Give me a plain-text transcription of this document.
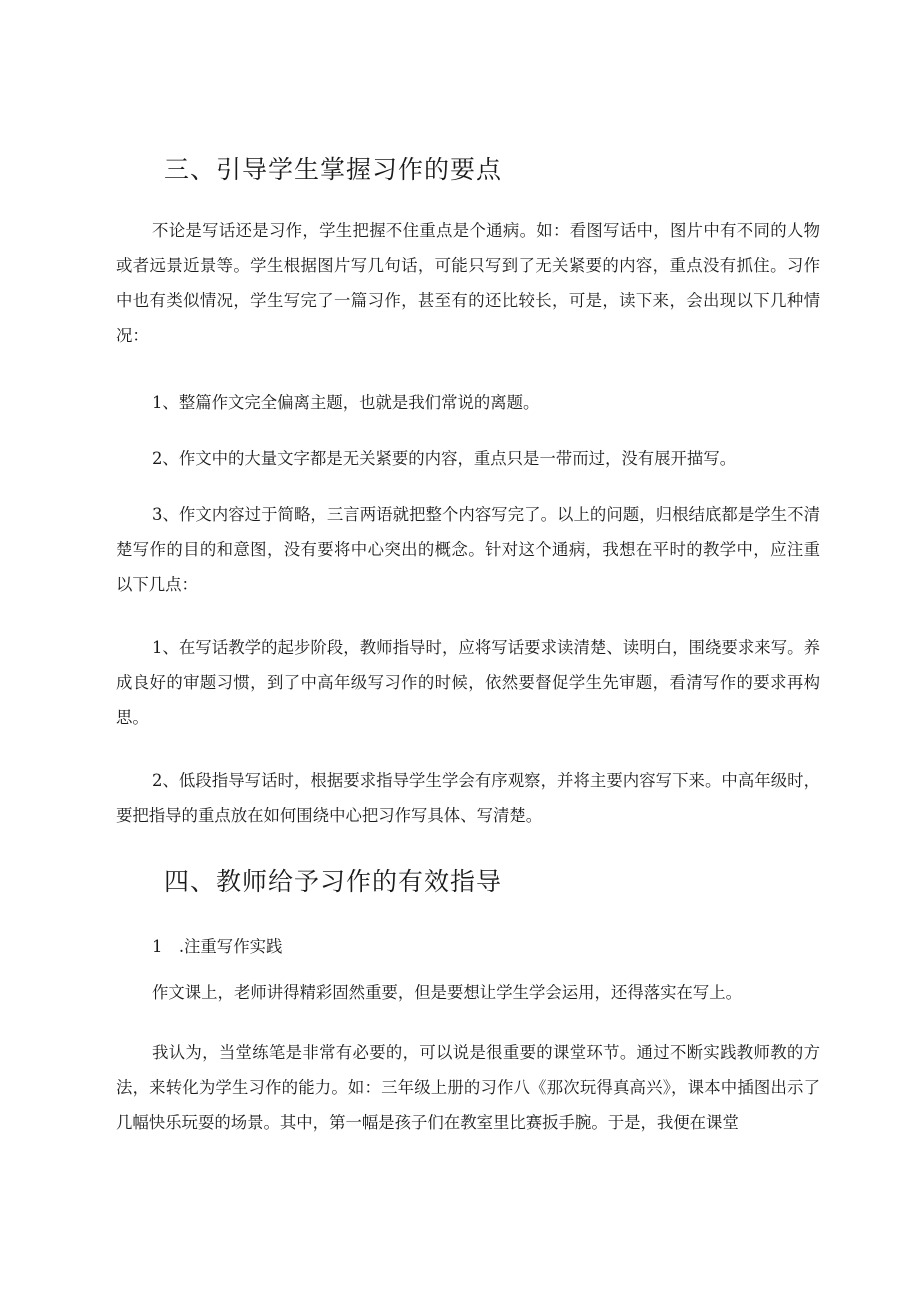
三、引导学生掌握习作的要点

不论是写话还是习作，学生把握不住重点是个通病。如：看图写话中，图片中有不同的人物或者远景近景等。学生根据图片写几句话，可能只写到了无关紧要的内容，重点没有抓住。习作中也有类似情况，学生写完了一篇习作，甚至有的还比较长，可是，读下来，会出现以下几种情况：

1、整篇作文完全偏离主题，也就是我们常说的离题。

2、作文中的大量文字都是无关紧要的内容，重点只是一带而过，没有展开描写。

3、作文内容过于简略，三言两语就把整个内容写完了。以上的问题，归根结底都是学生不清楚写作的目的和意图，没有要将中心突出的概念。针对这个通病，我想在平时的教学中，应注重以下几点：

1、在写话教学的起步阶段，教师指导时，应将写话要求读清楚、读明白，围绕要求来写。养成良好的审题习惯，到了中高年级写习作的时候，依然要督促学生先审题，看清写作的要求再构思。

2、低段指导写话时，根据要求指导学生学会有序观察，并将主要内容写下来。中高年级时，要把指导的重点放在如何围绕中心把习作写具体、写清楚。

四、教师给予习作的有效指导

1　.注重写作实践

作文课上，老师讲得精彩固然重要，但是要想让学生学会运用，还得落实在写上。

我认为，当堂练笔是非常有必要的，可以说是很重要的课堂环节。通过不断实践教师教的方法，来转化为学生习作的能力。如：三年级上册的习作八《那次玩得真高兴》，课本中插图出示了几幅快乐玩耍的场景。其中，第一幅是孩子们在教室里比赛扳手腕。于是，我便在课堂
